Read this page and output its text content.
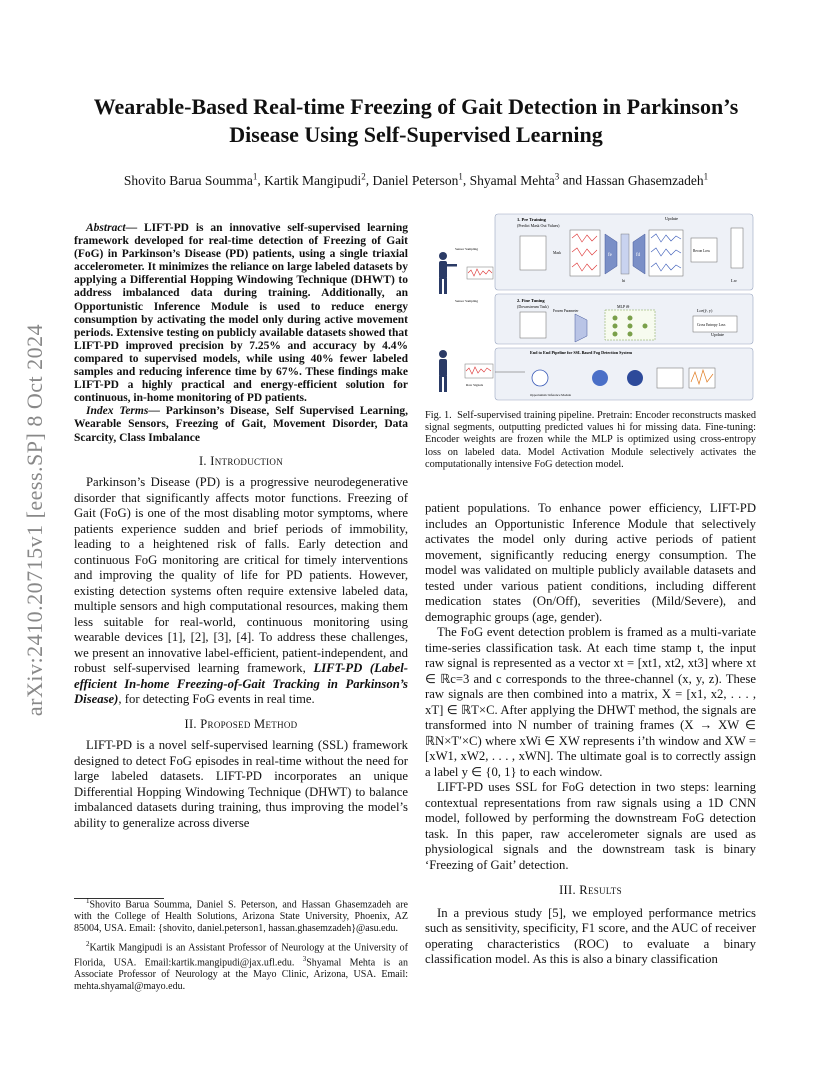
arXiv:2410.20715v1 [eess.SP] 8 Oct 2024
Wearable-Based Real-time Freezing of Gait Detection in Parkinson’s
Disease Using Self-Supervised Learning
Shovito Barua Soumma$^1$, Kartik Mangipudi$^2$, Daniel Peterson$^1$, Shyamal Mehta$^3$ and Hassan Ghasemzadeh$^1$

Abstract— LIFT-PD is an innovative self-supervised learning framework developed for real-time detection of Freezing of Gait (FoG) in Parkinson’s Disease (PD) patients, using a single triaxial accelerometer. It minimizes the reliance on large labeled datasets by applying a Differential Hopping Windowing Technique (DHWT) to address imbalanced data during training. Additionally, an Opportunistic Inference Module is used to reduce energy consumption by activating the model only during active movement periods. Extensive testing on publicly available datasets showed that LIFT-PD improved precision by 7.25% and accuracy by 4.4% compared to supervised models, while using 40% fewer labeled samples and reducing inference time by 67%. These findings make LIFT-PD a highly practical and energy-efficient solution for continuous, in-home monitoring of PD patients.

Index Terms— Parkinson’s Disease, Self Supervised Learning, Wearable Sensors, Freezing of Gait, Movement Disorder, Data Scarcity, Class Imbalance

I. Introduction

Parkinson’s Disease (PD) is a progressive neurodegenerative disorder that significantly affects motor functions. Freezing of Gait (FoG) is one of the most disabling motor symptoms, where patients experience sudden and brief periods of immobility, leading to a heightened risk of falls. Early detection and continuous FoG monitoring are critical for timely interventions and improving the quality of life for PD patients. However, existing detection systems often require extensive labeled data, multiple sensors and high computational resources, making them less suitable for real-world, continuous monitoring using wearable devices [1], [2], [3], [4]. To address these challenges, we present an innovative label-efficient, patient-independent, and robust self-supervised learning framework, LIFT-PD (Label-efficient In-home Freezing-of-Gait Tracking in Parkinson’s Disease), for detecting FoG events in real time.

II. Proposed Method

LIFT-PD is a novel self-supervised learning (SSL) framework designed to detect FoG episodes in real-time without the need for large labeled datasets. LIFT-PD incorporates an unique Differential Hopping Windowing Technique (DHWT) to balance imbalanced datasets during training, thus improving the model’s ability to generalize across diverse

$^1$Shovito Barua Soumma, Daniel S. Peterson, and Hassan Ghasemzadeh are with the College of Health Solutions, Arizona State University, Phoenix, AZ 85004, USA. Email: {shovito, daniel.peterson1, hassan.ghasemzadeh}@asu.edu.

$^2$Kartik Mangipudi is an Assistant Professor of Neurology at the University of Florida, USA. Email:kartik.mangipudi@jax.ufl.edu. $^3$Shyamal Mehta is an Associate Professor of Neurology at the Mayo Clinic, Arizona, USA. Email: mehta.shyamal@mayo.edu.

1. Pre Training
(Predict Mask Out Values)
2. Fine Tuning
(Downstream Task)
End to End Pipeline for SSL Based Fog Detection System
Update
Update
Sensor Sampling
Sensor Sampling
Raw Signals
Mask	fe
hi
fd
Recon Loss
Lw
Frozen Parameter
MLP fθ
Cross Entropy Loss
Lce(ŷ, y)
Opportunistic Inference Module
Fig. 1. Self-supervised training pipeline. Pretrain: Encoder reconstructs masked signal segments, outputting predicted values hi for missing data. Fine-tuning: Encoder weights are frozen while the MLP is optimized using cross-entropy loss on labeled data. Model Activation Module selectively activates the computationally intensive FoG detection model.

patient populations. To enhance power efficiency, LIFT-PD includes an Opportunistic Inference Module that selectively activates the model only during active periods of patient movement, significantly reducing energy consumption. The model was validated on multiple publicly available datasets and tested under various patient conditions, including different medication states (On/Off), severities (Mild/Severe), and demographic groups (age, gender).

The FoG event detection problem is framed as a multi-variate time-series classification task. At each time stamp t, the input raw signal is represented as a vector xt = [xt1, xt2, xt3] where xt ∈ ℝc=3 and c corresponds to the three-channel (x, y, z). These raw signals are then combined into a matrix, X = [x1, x2, . . . , xT] ∈ ℝT×C. After applying the DHWT method, the signals are transformed into N number of training frames (X → XW ∈ ℝN×T′×C) where xWi ∈ XW represents i’th window and XW = [xW1, xW2, . . . , xWN]. The ultimate goal is to correctly assign a label y ∈ {0, 1} to each window.

LIFT-PD uses SSL for FoG detection in two steps: learning contextual representations from raw signals using a 1D CNN model, followed by performing the downstream FoG detection task. In this paper, raw accelerometer signals are used as physiological signals and the downstream task is binary ‘Freezing of Gait’ detection.

III. Results

In a previous study [5], we employed performance metrics such as sensitivity, specificity, F1 score, and the AUC of receiver operating characteristics (ROC) to evaluate a binary classification model. As this is also a binary classification
